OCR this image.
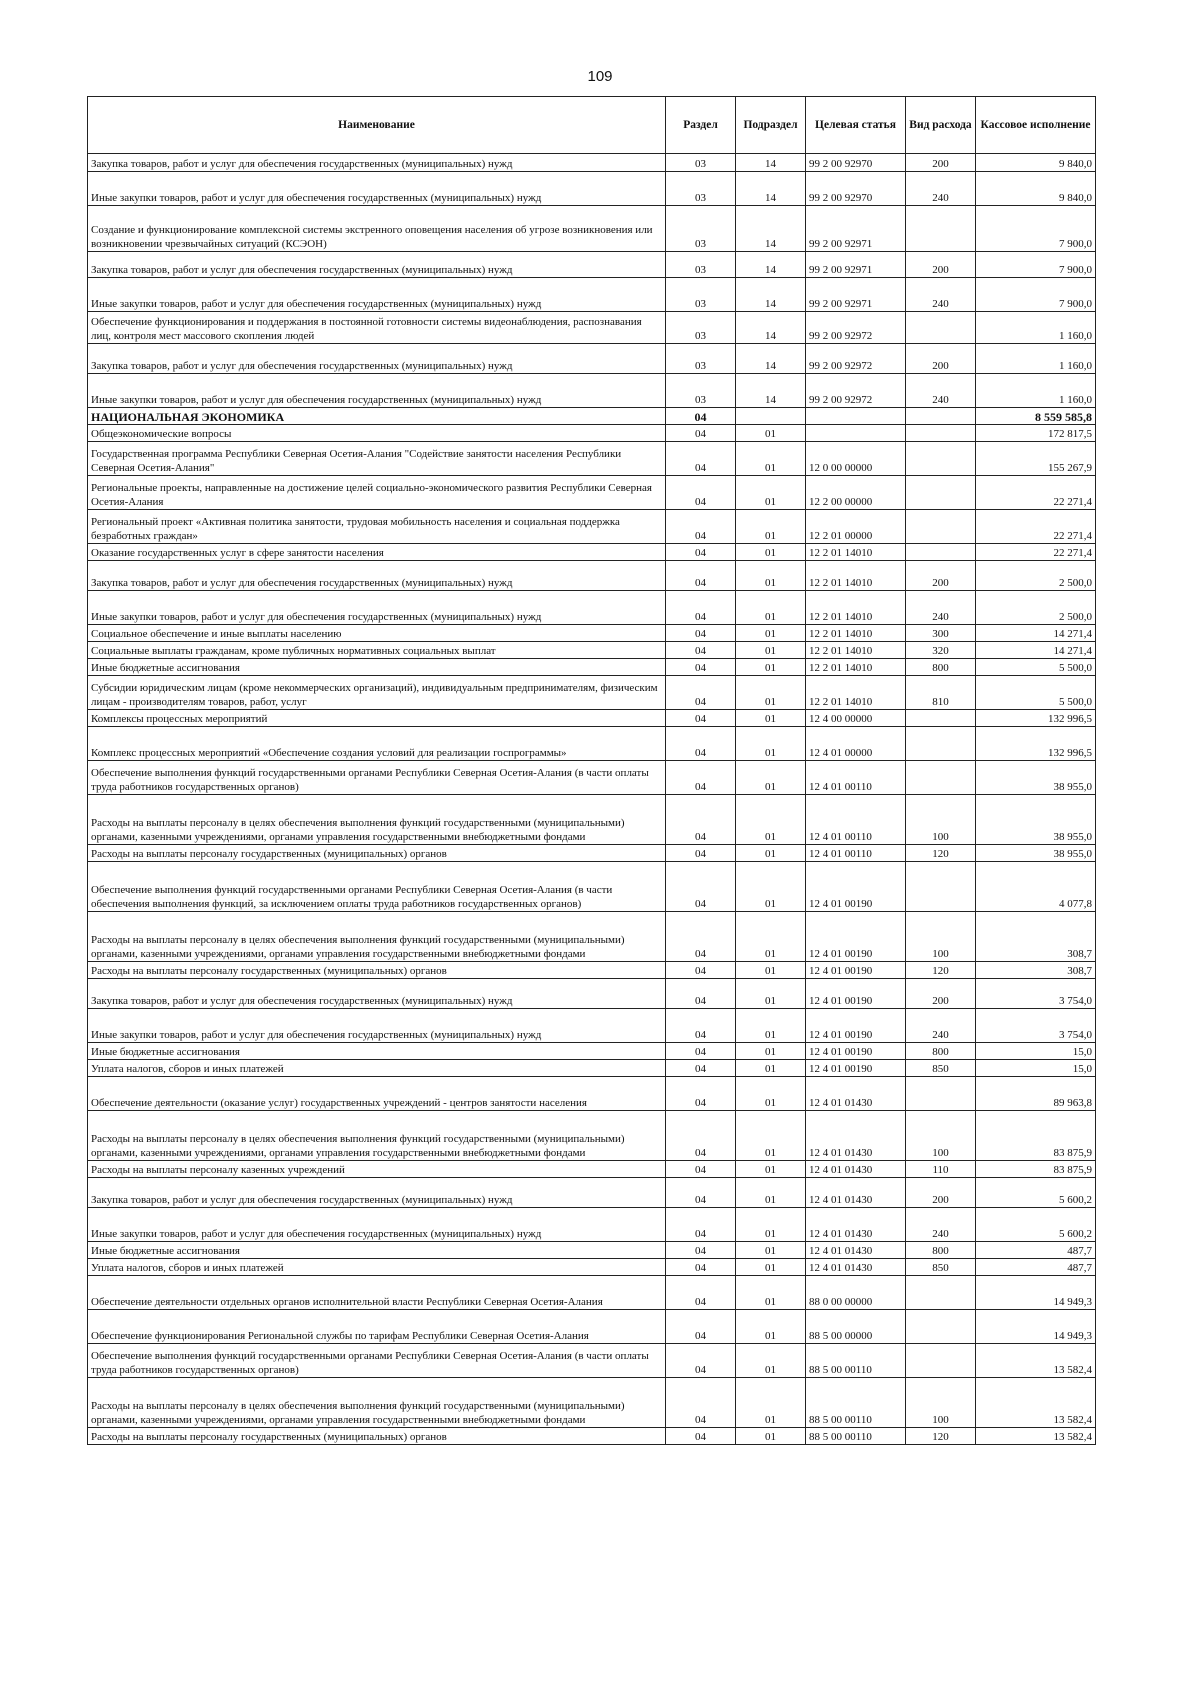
109
Наименование	Раздел	Подраздел	Целевая статья	Вид расхода	Кассовое исполнение
Закупка товаров, работ и услуг для обеспечения государственных (муниципальных) нужд	03	14	99 2 00 92970	200	9 840,0
Иные закупки товаров, работ и услуг для обеспечения государственных (муниципальных) нужд	03	14	99 2 00 92970	240	9 840,0
Создание и функционирование комплексной системы экстренного оповещения населения об угрозе возникновения или возникновении чрезвычайных ситуаций (КСЭОН)	03	14	99 2 00 92971		7 900,0
Закупка товаров, работ и услуг для обеспечения государственных (муниципальных) нужд	03	14	99 2 00 92971	200	7 900,0
Иные закупки товаров, работ и услуг для обеспечения государственных (муниципальных) нужд	03	14	99 2 00 92971	240	7 900,0
Обеспечение функционирования и поддержания в постоянной готовности системы видеонаблюдения, распознавания лиц, контроля мест массового скопления людей	03	14	99 2 00 92972		1 160,0
Закупка товаров, работ и услуг для обеспечения государственных (муниципальных) нужд	03	14	99 2 00 92972	200	1 160,0
Иные закупки товаров, работ и услуг для обеспечения государственных (муниципальных) нужд	03	14	99 2 00 92972	240	1 160,0
НАЦИОНАЛЬНАЯ ЭКОНОМИКА	04				8 559 585,8
Общеэкономические вопросы	04	01			172 817,5
Государственная программа Республики Северная Осетия-Алания "Содействие занятости населения Республики Северная Осетия-Алания"	04	01	12 0 00 00000		155 267,9
Региональные проекты, направленные на достижение целей социально-экономического развития Республики Северная Осетия-Алания	04	01	12 2 00 00000		22 271,4
Региональный проект «Активная политика занятости, трудовая мобильность населения и социальная поддержка безработных граждан»	04	01	12 2 01 00000		22 271,4
Оказание государственных услуг в сфере занятости населения	04	01	12 2 01 14010		22 271,4
Закупка товаров, работ и услуг для обеспечения государственных (муниципальных) нужд	04	01	12 2 01 14010	200	2 500,0
Иные закупки товаров, работ и услуг для обеспечения государственных (муниципальных) нужд	04	01	12 2 01 14010	240	2 500,0
Социальное обеспечение и иные выплаты населению	04	01	12 2 01 14010	300	14 271,4
Социальные выплаты гражданам, кроме публичных нормативных социальных выплат	04	01	12 2 01 14010	320	14 271,4
Иные бюджетные ассигнования	04	01	12 2 01 14010	800	5 500,0
Субсидии юридическим лицам (кроме некоммерческих организаций), индивидуальным предпринимателям, физическим лицам - производителям товаров, работ, услуг	04	01	12 2 01 14010	810	5 500,0
Комплексы процессных мероприятий	04	01	12 4 00 00000		132 996,5
Комплекс процессных мероприятий «Обеспечение создания условий для реализации госпрограммы»	04	01	12 4 01 00000		132 996,5
Обеспечение выполнения функций государственными органами Республики Северная Осетия-Алания (в части оплаты труда работников государственных органов)	04	01	12 4 01 00110		38 955,0
Расходы на выплаты персоналу в целях обеспечения выполнения функций государственными (муниципальными) органами, казенными учреждениями, органами управления государственными внебюджетными фондами	04	01	12 4 01 00110	100	38 955,0
Расходы на выплаты персоналу государственных (муниципальных) органов	04	01	12 4 01 00110	120	38 955,0
Обеспечение выполнения функций государственными органами Республики Северная Осетия-Алания (в части обеспечения выполнения функций, за исключением оплаты труда работников государственных органов)	04	01	12 4 01 00190		4 077,8
Расходы на выплаты персоналу в целях обеспечения выполнения функций государственными (муниципальными) органами, казенными учреждениями, органами управления государственными внебюджетными фондами	04	01	12 4 01 00190	100	308,7
Расходы на выплаты персоналу государственных (муниципальных) органов	04	01	12 4 01 00190	120	308,7
Закупка товаров, работ и услуг для обеспечения государственных (муниципальных) нужд	04	01	12 4 01 00190	200	3 754,0
Иные закупки товаров, работ и услуг для обеспечения государственных (муниципальных) нужд	04	01	12 4 01 00190	240	3 754,0
Иные бюджетные ассигнования	04	01	12 4 01 00190	800	15,0
Уплата налогов, сборов и иных платежей	04	01	12 4 01 00190	850	15,0
Обеспечение деятельности (оказание услуг) государственных учреждений - центров занятости населения	04	01	12 4 01 01430		89 963,8
Расходы на выплаты персоналу в целях обеспечения выполнения функций государственными (муниципальными) органами, казенными учреждениями, органами управления государственными внебюджетными фондами	04	01	12 4 01 01430	100	83 875,9
Расходы на выплаты персоналу казенных учреждений	04	01	12 4 01 01430	110	83 875,9
Закупка товаров, работ и услуг для обеспечения государственных (муниципальных) нужд	04	01	12 4 01 01430	200	5 600,2
Иные закупки товаров, работ и услуг для обеспечения государственных (муниципальных) нужд	04	01	12 4 01 01430	240	5 600,2
Иные бюджетные ассигнования	04	01	12 4 01 01430	800	487,7
Уплата налогов, сборов и иных платежей	04	01	12 4 01 01430	850	487,7
Обеспечение деятельности отдельных органов исполнительной власти Республики Северная Осетия-Алания	04	01	88 0 00 00000		14 949,3
Обеспечение функционирования Региональной службы по тарифам Республики Северная Осетия-Алания	04	01	88 5 00 00000		14 949,3
Обеспечение выполнения функций государственными органами Республики Северная Осетия-Алания (в части оплаты труда работников государственных органов)	04	01	88 5 00 00110		13 582,4
Расходы на выплаты персоналу в целях обеспечения выполнения функций государственными (муниципальными) органами, казенными учреждениями, органами управления государственными внебюджетными фондами	04	01	88 5 00 00110	100	13 582,4
Расходы на выплаты персоналу государственных (муниципальных) органов	04	01	88 5 00 00110	120	13 582,4
